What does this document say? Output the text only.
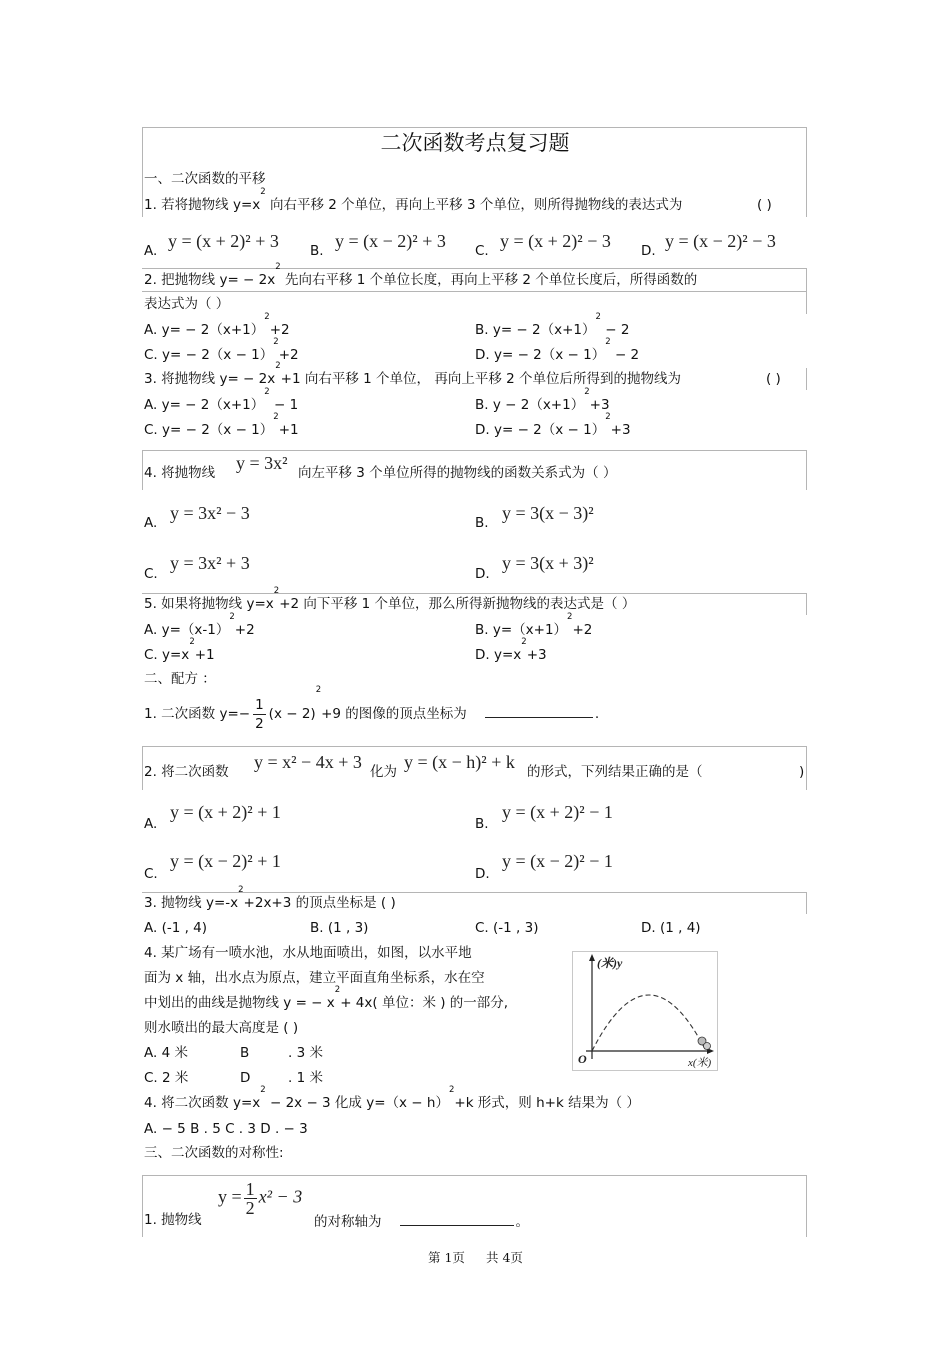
二次函数考点复习题
一、二次函数的平移
1. 若将抛物线 $y=x^2$ 向右平移 2 个单位，再向上平移 3 个单位，则所得抛物线的表达式为	( )
A. y = (x + 2)² + 3 B. y = (x − 2)² + 3 C. y = (x + 2)² − 3 D. y = (x − 2)² − 3
2. 把抛物线 $y= - 2x^2$ 先向右平移 1 个单位长度，再向上平移 2 个单位长度后，所得函数的
表达式为（ ）
A. $y= - 2(x+1)^2+2$	B. $y= - 2(x+1)^2 - 2$
C. $y= - 2(x - 1)^2+2$	D. $y= - 2(x - 1)^2 - 2$
3. 将抛物线 $y= - 2x^2+1$ 向右平移 1 个单位， 再向上平移 2 个单位后所得到的抛物线为	( )
A. $y= - 2(x+1)^2 - 1$	B. $y - 2(x+1)^2+3$
C. $y= - 2(x - 1)^2+1$	D. $y= - 2(x - 1)^2+3$
4. 将抛物线 y = 3x² 向左平移 3 个单位所得的抛物线的函数关系式为（ ）
A. y = 3x² − 3	B. y = 3(x − 3)²
C.
y = 3x² + 3
D.
y = 3(x + 3)²
5. 如果将抛物线 $y=x^2+2$ 向下平移 1 个单位，那么所得新抛物线的表达式是（ ）
A. $y=(x-1)^2+2$	B. $y=(x+1)^2+2$
C. $y=x^2+1$	D. $y=x^2+3$
二、配方 ：
1. 二次函数 $y=- \frac{1}{2} (x - 2)^2+9$ 的图像的顶点坐标为	.
2. 将二次函数 y = x² − 4x + 3 化为 y = (x − h)² + k 的形式，下列结果正确的是（	)
A.
y = (x + 2)² + 1
B.
y = (x + 2)² − 1
C.
y = (x − 2)² + 1
D.
y = (x − 2)² − 1
3. 抛物线 $y=-x^2+2x+3$ 的顶点坐标是 ( )
A. (-1 , 4)	B. (1 , 3)	C. (-1 , 3)	D. (1 , 4)
4. 某广场有一喷水池，水从地面喷出，如图，以水平地
面为 x 轴，出水点为原点，建立平面直角坐标系，水在空
中划出的曲线是抛物线 y = − $x^2+ 4x$( 单位：米 ) 的一部分,
则水喷出的最大高度是 ( )
A. 4 米	B	. 3 米
C. 2 米	D	. 1 米
(米)y
O	x(米)
4. 将二次函数 $y=x^2 - 2x - 3$ 化成 $y=(x - h)^2+k$ 形式，则 h+k 结果为（ ）
A. − 5 B . 5 C . 3 D . − 3
三、二次函数的对称性:
1. 抛物线
$y = \frac{1}{2} x^2 - 3$
的对称轴为	。
第 1页 共 4页
